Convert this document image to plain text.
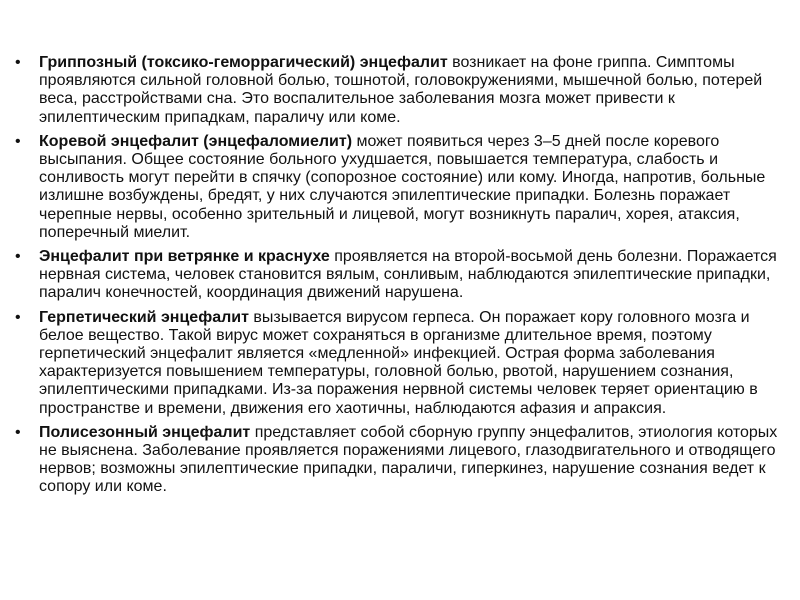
• Гриппозный (токсико-геморрагический) энцефалит возникает на фоне гриппа. Симптомы проявляются сильной головной болью, тошнотой, головокружениями, мышечной болью, потерей веса, расстройствами сна. Это воспалительное заболевания мозга может привести к эпилептическим припадкам, параличу или коме.
• Коревой энцефалит (энцефаломиелит) может появиться через 3–5 дней после коревого высыпания. Общее состояние больного ухудшается, повышается температура, слабость и сонливость могут перейти в спячку (сопорозное состояние) или кому. Иногда, напротив, больные излишне возбуждены, бредят, у них случаются эпилептические припадки. Болезнь поражает черепные нервы, особенно зрительный и лицевой, могут возникнуть паралич, хорея, атаксия, поперечный миелит.
• Энцефалит при ветрянке и краснухе проявляется на второй-восьмой день болезни. Поражается нервная система, человек становится вялым, сонливым, наблюдаются эпилептические припадки, паралич конечностей, координация движений нарушена.
• Герпетический энцефалит вызывается вирусом герпеса. Он поражает кору головного мозга и белое вещество. Такой вирус может сохраняться в организме длительное время, поэтому герпетический энцефалит является «медленной» инфекцией. Острая форма заболевания характеризуется повышением температуры, головной болью, рвотой, нарушением сознания, эпилептическими припадками. Из-за поражения нервной системы человек теряет ориентацию в пространстве и времени, движения его хаотичны, наблюдаются афазия и апраксия.
• Полисезонный энцефалит представляет собой сборную группу энцефалитов, этиология которых не выяснена. Заболевание проявляется поражениями лицевого, глазодвигательного и отводящего нервов; возможны эпилептические припадки, параличи, гиперкинез, нарушение сознания ведет к сопору или коме.
